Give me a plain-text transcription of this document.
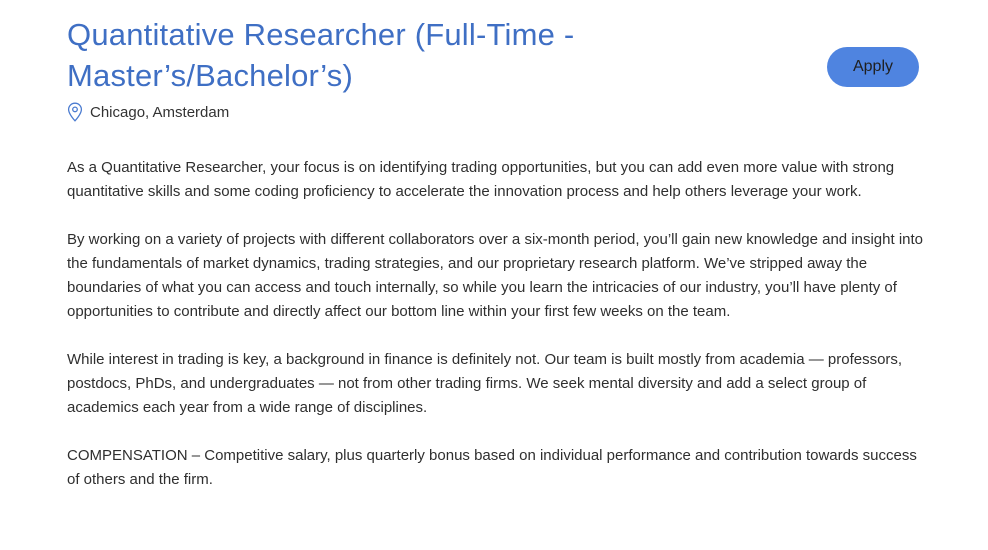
Quantitative Researcher (Full-Time -
Master’s/Bachelor’s)
Chicago, Amsterdam
Apply

As a Quantitative Researcher, your focus is on identifying trading opportunities, but you can add even more value with strong quantitative skills and some coding proficiency to accelerate the innovation process and help others leverage your work.

By working on a variety of projects with different collaborators over a six-month period, you’ll gain new knowledge and insight into the fundamentals of market dynamics, trading strategies, and our proprietary research platform. We’ve stripped away the boundaries of what you can access and touch internally, so while you learn the intricacies of our industry, you’ll have plenty of opportunities to contribute and directly affect our bottom line within your first few weeks on the team.

While interest in trading is key, a background in finance is definitely not. Our team is built mostly from academia — professors, postdocs, PhDs, and undergraduates — not from other trading firms. We seek mental diversity and add a select group of academics each year from a wide range of disciplines.

COMPENSATION – Competitive salary, plus quarterly bonus based on individual performance and contribution towards success of others and the firm.
